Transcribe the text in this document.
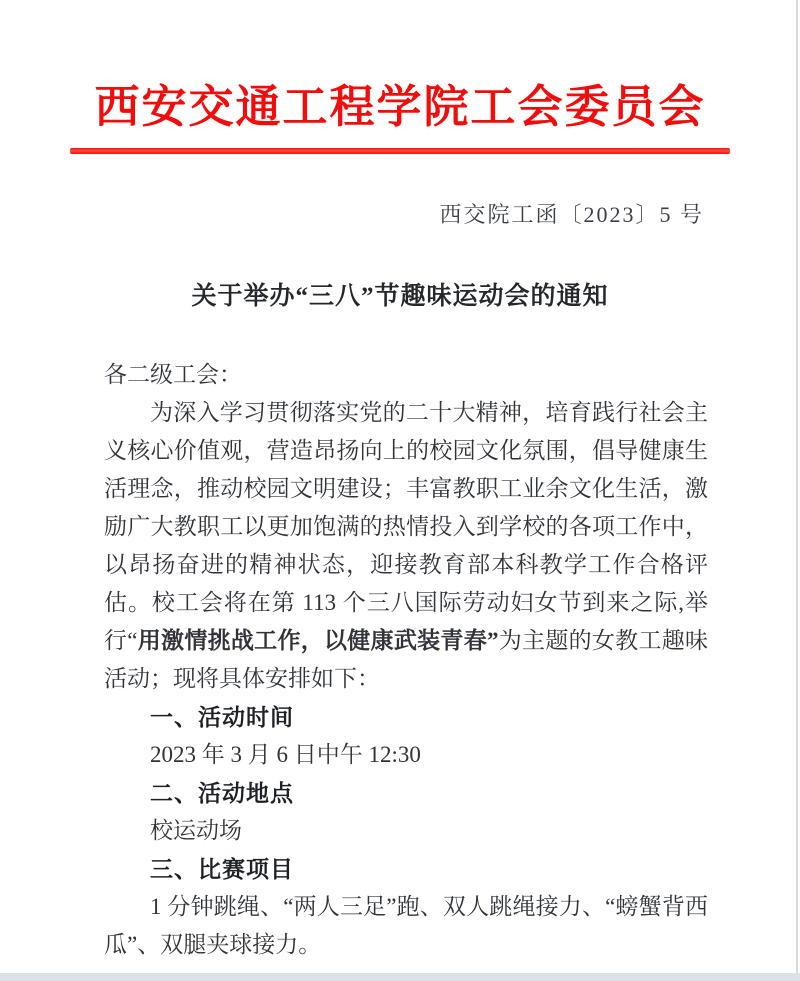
西安交通工程学院工会委员会
西交院工函〔2023〕5 号
关于举办“三八”节趣味运动会的通知

各二级工会：

为深入学习贯彻落实党的二十大精神，培育践行社会主义核心价值观，营造昂扬向上的校园文化氛围，倡导健康生活理念，推动校园文明建设；丰富教职工业余文化生活，激励广大教职工以更加饱满的热情投入到学校的各项工作中，以昂扬奋进的精神状态，迎接教育部本科教学工作合格评估。校工会将在第 113 个三八国际劳动妇女节到来之际,举行“用激情挑战工作，以健康武装青春”为主题的女教工趣味活动；现将具体安排如下：

一、活动时间

2023 年 3 月 6 日中午 12:30

二、活动地点

校运动场

三、比赛项目

1 分钟跳绳、“两人三足”跑、双人跳绳接力、“螃蟹背西瓜”、双腿夹球接力。
